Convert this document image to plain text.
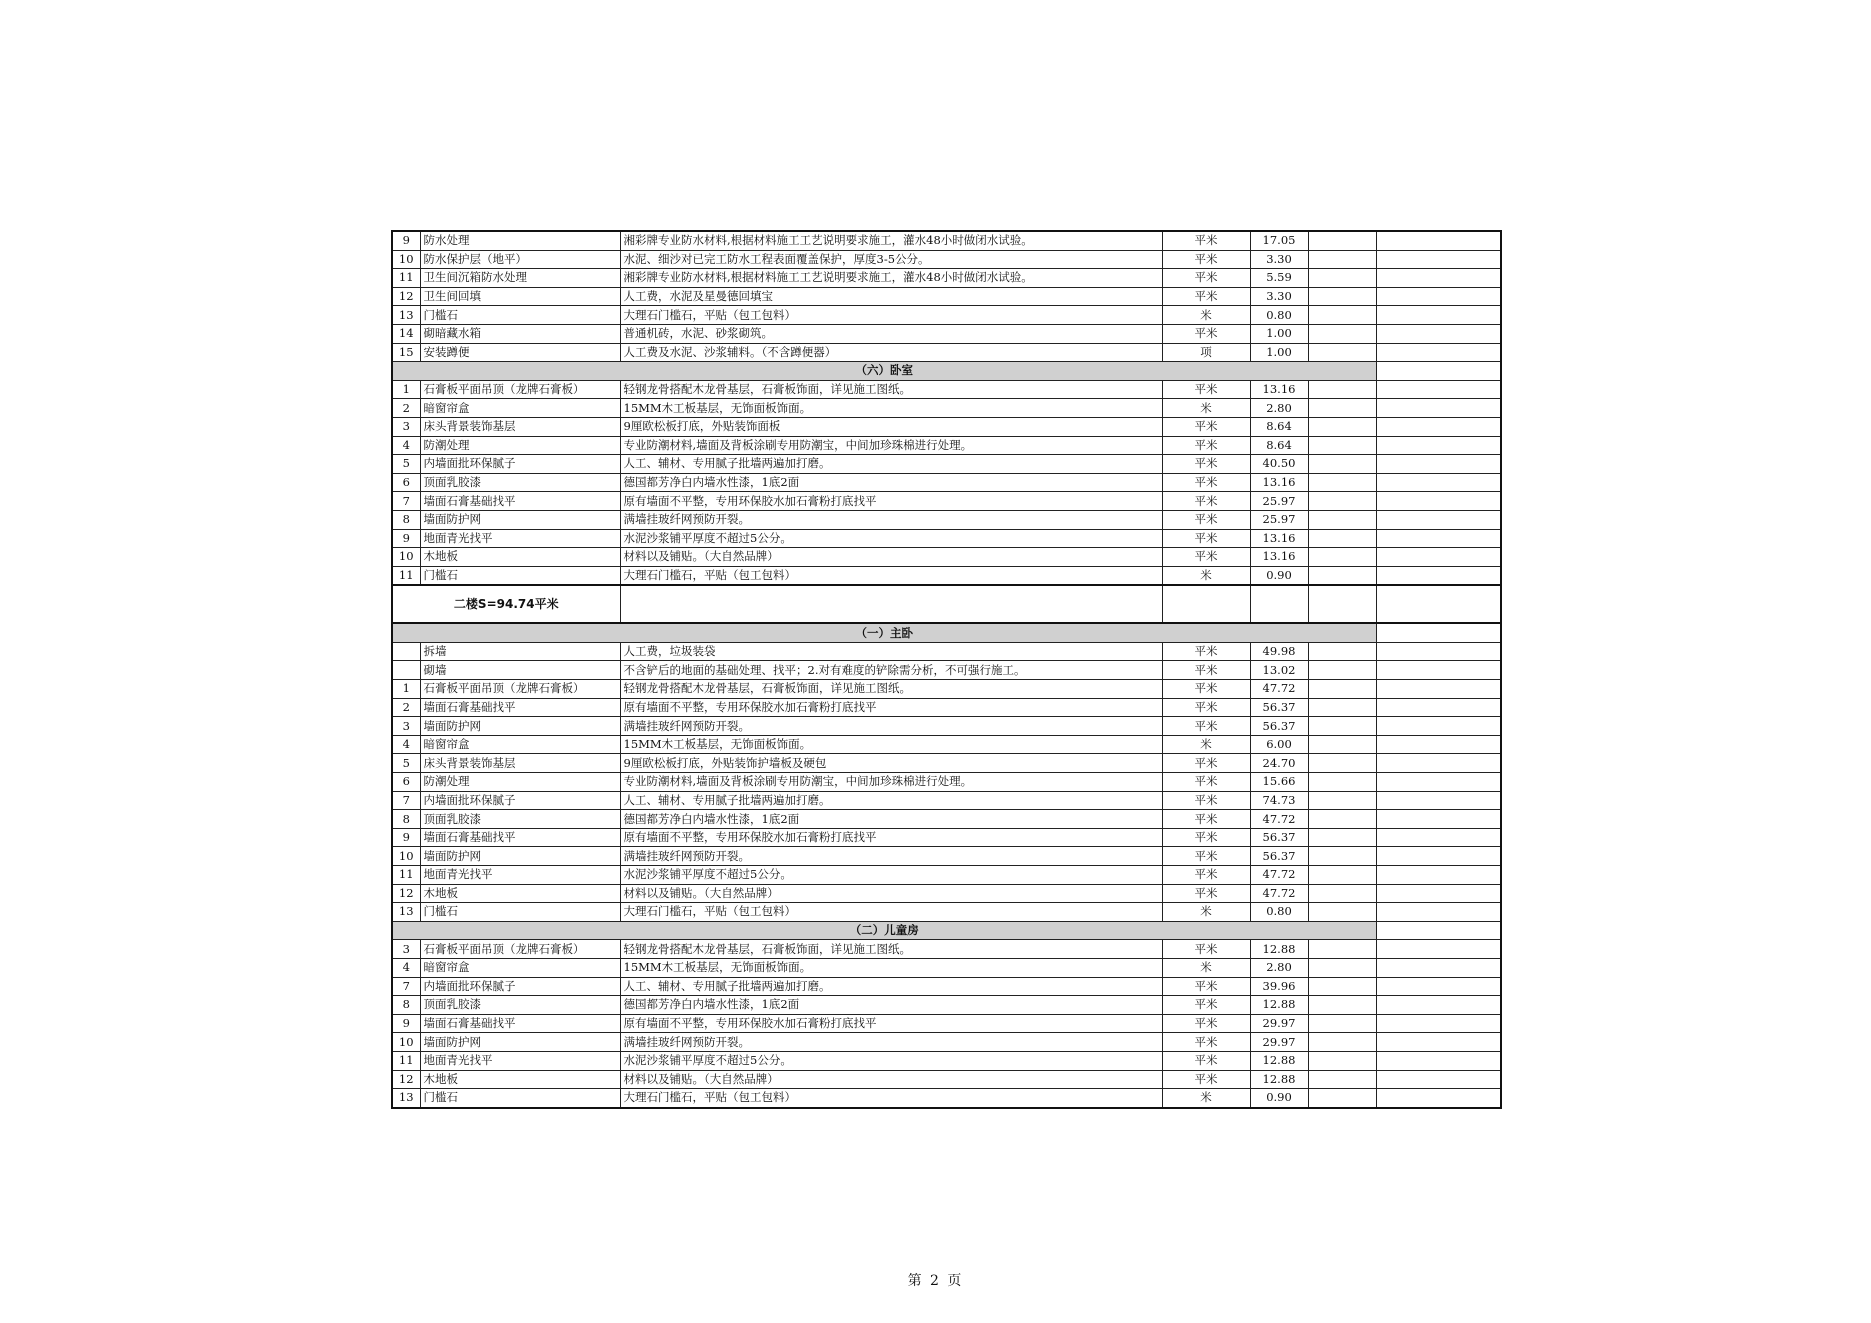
9	防水处理	湘彩牌专业防水材料,根据材料施工工艺说明要求施工，灌水48小时做闭水试验。	平米	17.05		
10	防水保护层（地平）	水泥、细沙对已完工防水工程表面覆盖保护，厚度3-5公分。	平米	3.30		
11	卫生间沉箱防水处理	湘彩牌专业防水材料,根据材料施工工艺说明要求施工，灌水48小时做闭水试验。	平米	5.59		
12	卫生间回填	人工费，水泥及星曼德回填宝	平米	3.30		
13	门槛石	大理石门槛石，平贴（包工包料）	米	0.80		
14	砌暗藏水箱	普通机砖，水泥、砂浆砌筑。	平米	1.00		
15	安装蹲便	人工费及水泥、沙浆辅料。（不含蹲便器）	项	1.00		
（六）卧室						
1	石膏板平面吊顶（龙牌石膏板）	轻钢龙骨搭配木龙骨基层，石膏板饰面，详见施工图纸。	平米	13.16		
2	暗窗帘盒	15MM木工板基层，无饰面板饰面。	米	2.80		
3	床头背景装饰基层	9厘欧松板打底，外贴装饰面板	平米	8.64		
4	防潮处理	专业防潮材料,墙面及背板涂刷专用防潮宝，中间加珍珠棉进行处理。	平米	8.64		
5	内墙面批环保腻子	人工、辅材、专用腻子批墙两遍加打磨。	平米	40.50		
6	顶面乳胶漆	德国都芳净白内墙水性漆，1底2面	平米	13.16		
7	墙面石膏基础找平	原有墙面不平整，专用环保胶水加石膏粉打底找平	平米	25.97		
8	墙面防护网	满墙挂玻纤网预防开裂。	平米	25.97		
9	地面青光找平	水泥沙浆铺平厚度不超过5公分。	平米	13.16		
10	木地板	材料以及铺贴。（大自然品牌）	平米	13.16		
11	门槛石	大理石门槛石，平贴（包工包料）	米	0.90		
二楼S=94.74平米						
（一）主卧						
	拆墙	人工费，垃圾装袋	平米	49.98		
	砌墙	不含铲后的地面的基础处理、找平；2.对有难度的铲除需分析，不可强行施工。	平米	13.02		
1	石膏板平面吊顶（龙牌石膏板）	轻钢龙骨搭配木龙骨基层，石膏板饰面，详见施工图纸。	平米	47.72		
2	墙面石膏基础找平	原有墙面不平整，专用环保胶水加石膏粉打底找平	平米	56.37		
3	墙面防护网	满墙挂玻纤网预防开裂。	平米	56.37		
4	暗窗帘盒	15MM木工板基层，无饰面板饰面。	米	6.00		
5	床头背景装饰基层	9厘欧松板打底，外贴装饰护墙板及硬包	平米	24.70		
6	防潮处理	专业防潮材料,墙面及背板涂刷专用防潮宝，中间加珍珠棉进行处理。	平米	15.66		
7	内墙面批环保腻子	人工、辅材、专用腻子批墙两遍加打磨。	平米	74.73		
8	顶面乳胶漆	德国都芳净白内墙水性漆，1底2面	平米	47.72		
9	墙面石膏基础找平	原有墙面不平整，专用环保胶水加石膏粉打底找平	平米	56.37		
10	墙面防护网	满墙挂玻纤网预防开裂。	平米	56.37		
11	地面青光找平	水泥沙浆铺平厚度不超过5公分。	平米	47.72		
12	木地板	材料以及铺贴。（大自然品牌）	平米	47.72		
13	门槛石	大理石门槛石，平贴（包工包料）	米	0.80		
（二）儿童房						
3	石膏板平面吊顶（龙牌石膏板）	轻钢龙骨搭配木龙骨基层，石膏板饰面，详见施工图纸。	平米	12.88		
4	暗窗帘盒	15MM木工板基层，无饰面板饰面。	米	2.80		
7	内墙面批环保腻子	人工、辅材、专用腻子批墙两遍加打磨。	平米	39.96		
8	顶面乳胶漆	德国都芳净白内墙水性漆，1底2面	平米	12.88		
9	墙面石膏基础找平	原有墙面不平整，专用环保胶水加石膏粉打底找平	平米	29.97		
10	墙面防护网	满墙挂玻纤网预防开裂。	平米	29.97		
11	地面青光找平	水泥沙浆铺平厚度不超过5公分。	平米	12.88		
12	木地板	材料以及铺贴。（大自然品牌）	平米	12.88		
13	门槛石	大理石门槛石，平贴（包工包料）	米	0.90		
第 2 页
